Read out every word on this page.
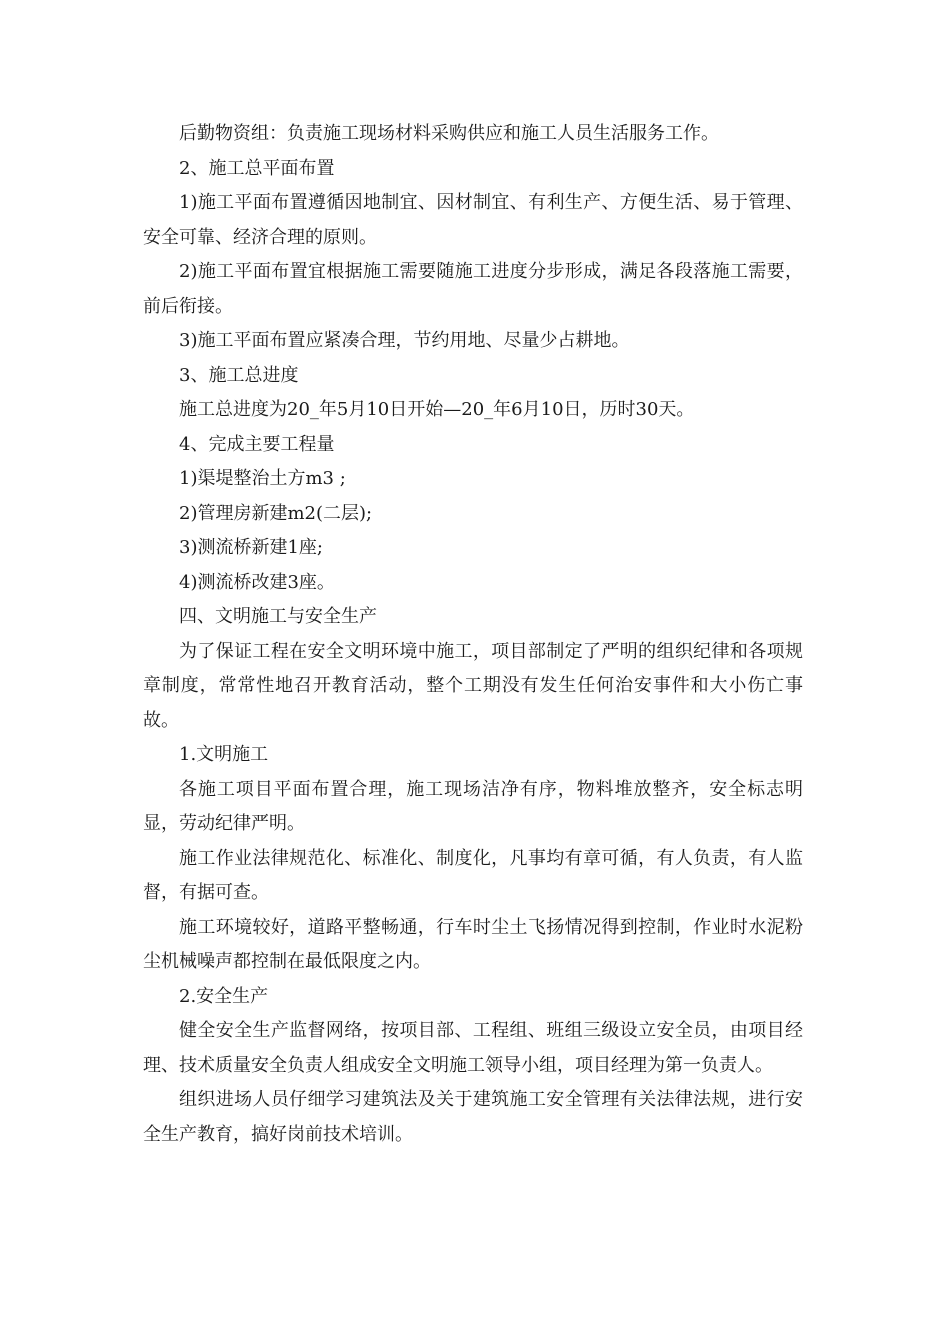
后勤物资组：负责施工现场材料采购供应和施工人员生活服务工作。

2、施工总平面布置

1)施工平面布置遵循因地制宜、因材制宜、有利生产、方便生活、易于管理、安全可靠、经济合理的原则。

2)施工平面布置宜根据施工需要随施工进度分步形成，满足各段落施工需要，前后衔接。

3)施工平面布置应紧凑合理，节约用地、尽量少占耕地。

3、施工总进度

施工总进度为20_年5月10日开始—20_年6月10日，历时30天。

4、完成主要工程量

1)渠堤整治土方m3 ;

2)管理房新建m2(二层);

3)测流桥新建1座;

4)测流桥改建3座。

四、文明施工与安全生产

为了保证工程在安全文明环境中施工，项目部制定了严明的组织纪律和各项规章制度，常常性地召开教育活动，整个工期没有发生任何治安事件和大小伤亡事故。

1.文明施工

各施工项目平面布置合理，施工现场洁净有序，物料堆放整齐，安全标志明显，劳动纪律严明。

施工作业法律规范化、标准化、制度化，凡事均有章可循，有人负责，有人监督，有据可查。

施工环境较好，道路平整畅通，行车时尘土飞扬情况得到控制，作业时水泥粉尘机械噪声都控制在最低限度之内。

2.安全生产

健全安全生产监督网络，按项目部、工程组、班组三级设立安全员，由项目经理、技术质量安全负责人组成安全文明施工领导小组，项目经理为第一负责人。

组织进场人员仔细学习建筑法及关于建筑施工安全管理有关法律法规，进行安全生产教育，搞好岗前技术培训。
